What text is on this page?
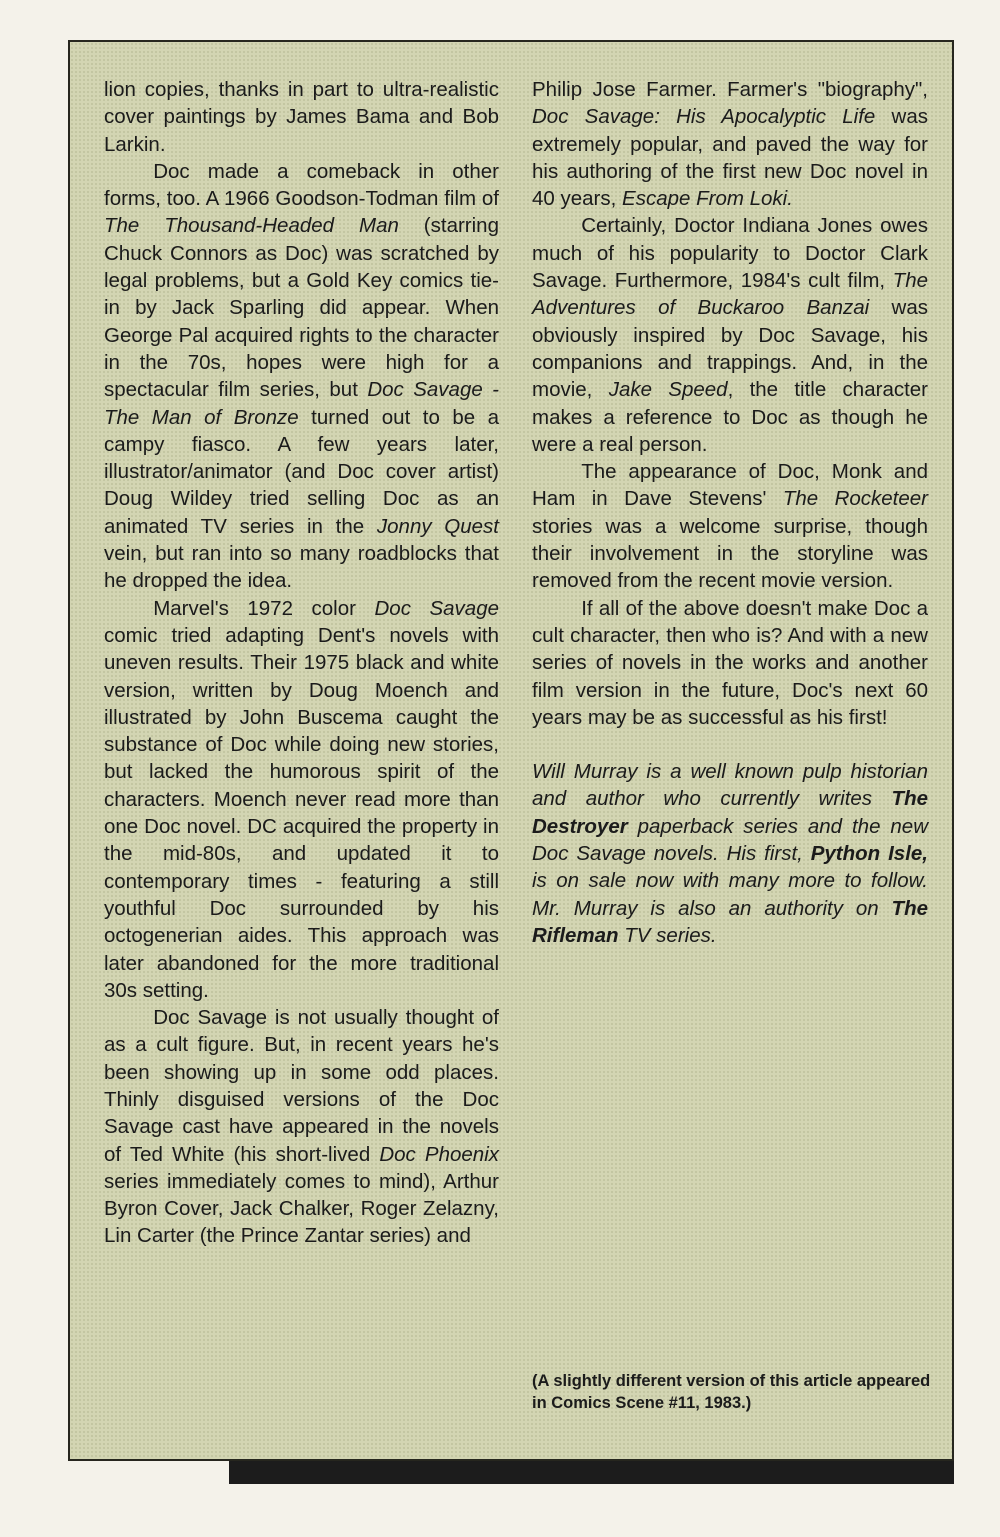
lion copies, thanks in part to ultra-realistic cover paintings by James Bama and Bob Larkin.

Doc made a comeback in other forms, too. A 1966 Goodson-Todman film of The Thousand-Headed Man (starring Chuck Connors as Doc) was scratched by legal problems, but a Gold Key comics tie-in by Jack Sparling did appear. When George Pal acquired rights to the character in the 70s, hopes were high for a spectacular film series, but Doc Savage - The Man of Bronze turned out to be a campy fiasco. A few years later, illustrator/animator (and Doc cover artist) Doug Wildey tried selling Doc as an animated TV series in the Jonny Quest vein, but ran into so many roadblocks that he dropped the idea.

Marvel's 1972 color Doc Savage comic tried adapting Dent's novels with uneven results. Their 1975 black and white version, written by Doug Moench and illustrated by John Buscema caught the substance of Doc while doing new stories, but lacked the humorous spirit of the characters. Moench never read more than one Doc novel. DC acquired the property in the mid-80s, and updated it to contemporary times - featuring a still youthful Doc surrounded by his octogenerian aides. This approach was later abandoned for the more traditional 30s setting.

Doc Savage is not usually thought of as a cult figure. But, in recent years he's been showing up in some odd places. Thinly disguised versions of the Doc Savage cast have appeared in the novels of Ted White (his short-lived Doc Phoenix series immediately comes to mind), Arthur Byron Cover, Jack Chalker, Roger Zelazny, Lin Carter (the Prince Zantar series) and

Philip Jose Farmer. Farmer's "biography", Doc Savage: His Apocalyptic Life was extremely popular, and paved the way for his authoring of the first new Doc novel in 40 years, Escape From Loki.

Certainly, Doctor Indiana Jones owes much of his popularity to Doctor Clark Savage. Furthermore, 1984's cult film, The Adventures of Buckaroo Banzai was obviously inspired by Doc Savage, his companions and trappings. And, in the movie, Jake Speed, the title character makes a reference to Doc as though he were a real person.

The appearance of Doc, Monk and Ham in Dave Stevens' The Rocketeer stories was a welcome surprise, though their involvement in the storyline was removed from the recent movie version.

If all of the above doesn't make Doc a cult character, then who is? And with a new series of novels in the works and another film version in the future, Doc's next 60 years may be as successful as his first!

Will Murray is a well known pulp historian and author who currently writes The Destroyer paperback series and the new Doc Savage novels. His first, Python Isle, is on sale now with many more to follow. Mr. Murray is also an authority on The Rifleman TV series.

(A slightly different version of this article appeared in Comics Scene #11, 1983.)
